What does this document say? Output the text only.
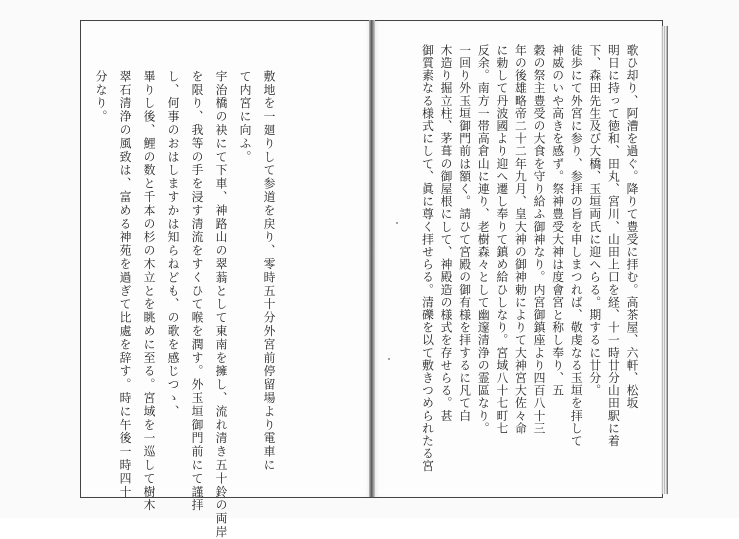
歌ひ却り、阿漕を過ぐ。降りて豊受に拝む。高茶屋、六軒、松坂
明日に持って徳和、田丸、宮川、山田上口を経、十一時廿分山田駅に着
下、森田先生及び大橋、玉垣両氏に迎へらる。期するに廿分。
徒歩にて外宮に参り、参拝の旨を申しまつれば、敬虔なる玉垣を拝して
神威のいや高きを感ず。祭神豊受大神は度會宮と称し奉り、五
穀の祭主豊受の大食を守り給ふ御神なり。内宮御鎮座より四百八十三
年の後雄略帝二十二年九月、皇大神の御神勅によりて大神宮大佐々命
に勅して丹波國より迎へ遷し奉りて鎮め給ひしなり。宮域八十七町七
反余。南方一帯高倉山に連り、老樹森々として幽邃清浄の霊區なり。
一回り外玉垣御門前は額く。請ひて宮殿の御有様を拝するに凡て白
木造り掘立柱、茅葺の御屋根にして、神殿造の様式を存せらる。甚
御質素なる様式にして、眞に尊く拝せらる。清礫を以て敷きつめられたる宮
敷地を一廻りして参道を戻り、零時五十分外宮前停留場より電車に
て内宮に向ふ。
宇治橋の袂にて下車、神路山の翠蓊として東南を擁し、流れ清き五十鈴の両岸
を限り、我等の手を浸す清流をすくひて喉を潤す。外玉垣御門前にて謹拝
し、何事のおはしますかは知らねども、の歌を感じつゝ、
畢りし後、鯉の数と千本の杉の木立とを眺めに至る。宮域を一巡して樹木
翠石清浄の風致は、富める神苑を過ぎて比處を辞す。時に午後一時四十
分なり。
